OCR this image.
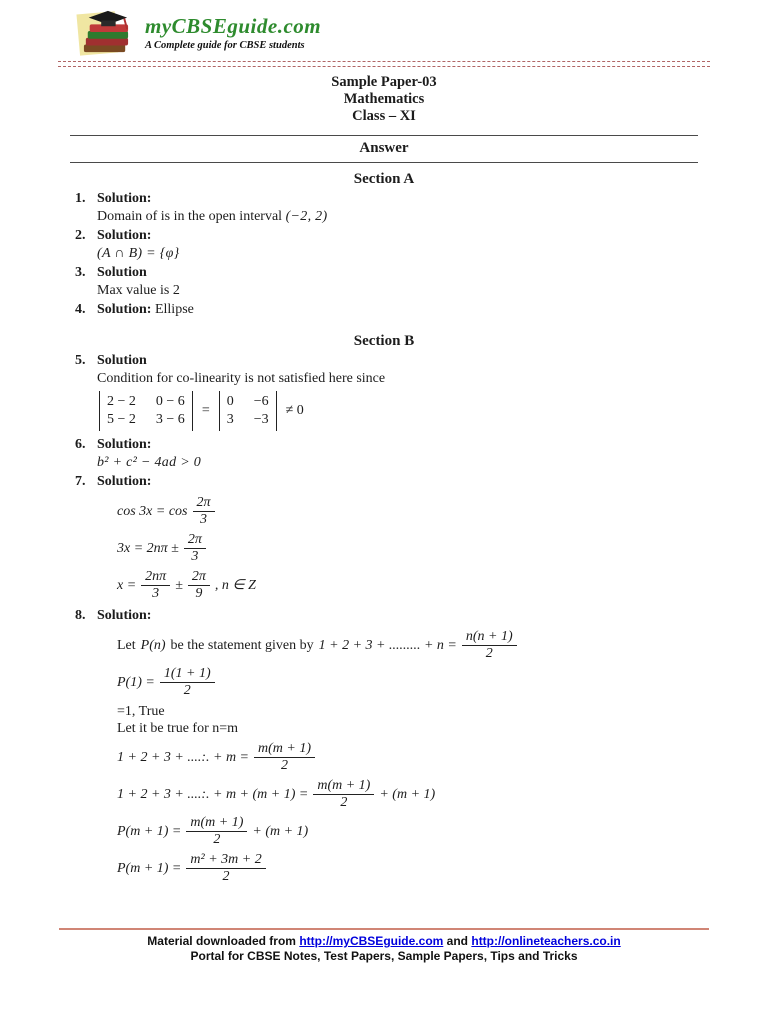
myCBSEguide.com
A Complete guide for CBSE students
Sample Paper-03
Mathematics
Class – XI
Answer
Section A
1. Solution:
Domain of is in the open interval (−2, 2)
2. Solution:
(A ∩ B) = {φ}
3. Solution
Max value is 2
4. Solution: Ellipse
Section B
5. Solution
Condition for co-linearity is not satisfied here since
2 − 2 0 − 6
5 − 2 3 − 6
=
0 −6
3 −3
≠ 0
6. Solution:
b² + c² − 4ad > 0
7. Solution:
$\cos 3x = \cos \frac{2\pi}{3}$
$3x = 2n\pi \pm \frac{2\pi}{3}$
$x = \frac{2n\pi}{3} \pm \frac{2\pi}{9}$ , n ∈ Z
8. Solution:
Let P(n) be the statement given by 1 + 2 + 3 + ......... + $n = \frac{n(n + 1)}{2}$
$P(1) = \frac{1(1 + 1)}{2}$
=1, True
Let it be true for n=m
1 + 2 + 3 + ....:. + $m = \frac{m(m + 1)}{2}$
1 + 2 + 3 + ....:. + $m + (m + 1) = \frac{m(m + 1)}{2} + (m + 1)$
$P(m + 1) = \frac{m(m + 1)}{2} + (m + 1)$
$P(m + 1) = \frac{\text{m² + 3m + 2}}{2}$
Material downloaded from http://myCBSEguide.com and http://onlineteachers.co.in
Portal for CBSE Notes, Test Papers, Sample Papers, Tips and Tricks
